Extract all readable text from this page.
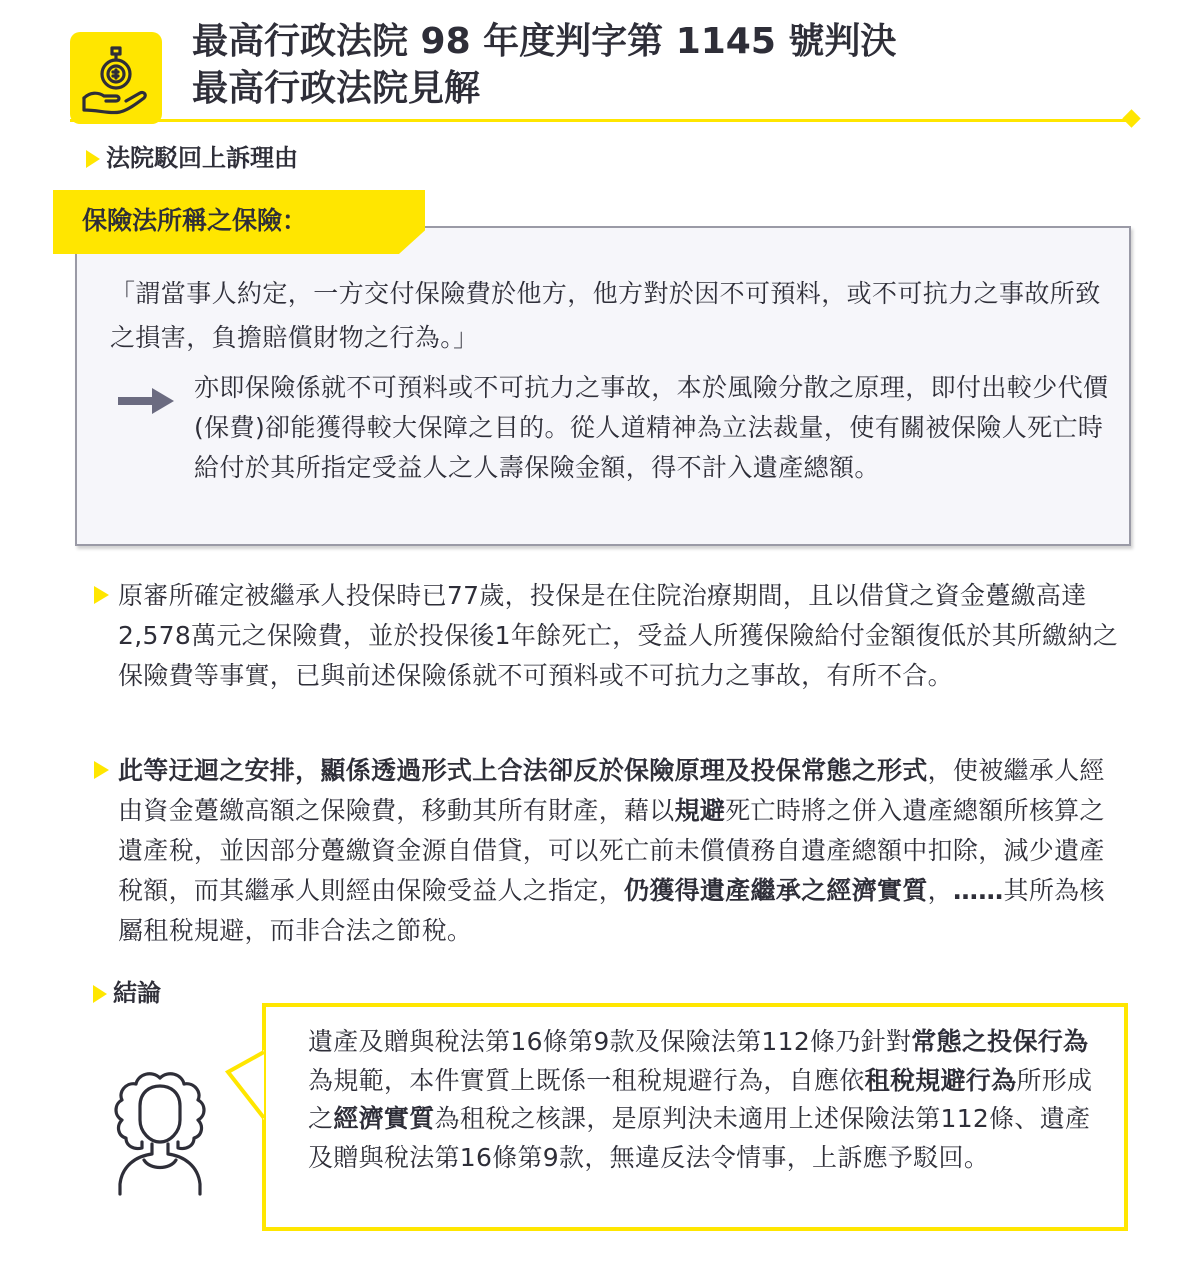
最高行政法院 98 年度判字第 1145 號判決
最高行政法院見解
法院駁回上訴理由
保險法所稱之保險：
「謂當事人約定，一方交付保險費於他方，他方對於因不可預料，或不可抗力之事故所致之損害，負擔賠償財物之行為。」
亦即保險係就不可預料或不可抗力之事故，本於風險分散之原理，即付出較少代價(保費)卻能獲得較大保障之目的。從人道精神為立法裁量，使有關被保險人死亡時給付於其所指定受益人之人壽保險金額，得不計入遺產總額。
原審所確定被繼承人投保時已77歲，投保是在住院治療期間，且以借貸之資金躉繳高達2,578萬元之保險費，並於投保後1年餘死亡，受益人所獲保險給付金額復低於其所繳納之保險費等事實，已與前述保險係就不可預料或不可抗力之事故，有所不合。
此等迂迴之安排，顯係透過形式上合法卻反於保險原理及投保常態之形式，使被繼承人經由資金躉繳高額之保險費，移動其所有財產，藉以規避死亡時將之併入遺產總額所核算之遺產稅，並因部分躉繳資金源自借貸，可以死亡前未償債務自遺產總額中扣除，減少遺產稅額，而其繼承人則經由保險受益人之指定，仍獲得遺產繼承之經濟實質，……其所為核屬租稅規避，而非合法之節稅。
結論
遺產及贈與稅法第16條第9款及保險法第112條乃針對常態之投保行為為規範，本件實質上既係一租稅規避行為，自應依租稅規避行為所形成之經濟實質為租稅之核課，是原判決未適用上述保險法第112條、遺產及贈與稅法第16條第9款，無違反法令情事，上訴應予駁回。
